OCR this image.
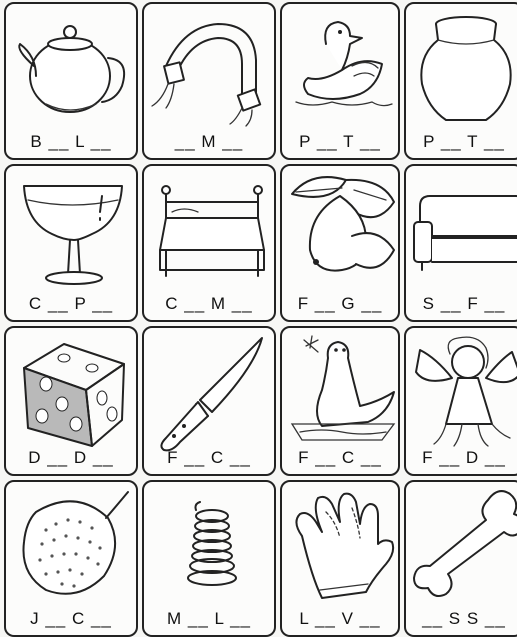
B __ L __	__ M __	P __ T __	P __ T __
C __ P __	C __ M __	F __ G __	S __ F __
D __ D __	F __ C __	F __ C __	F __ D __
J __ C __	M __ L __	L __ V __	__ S S __
